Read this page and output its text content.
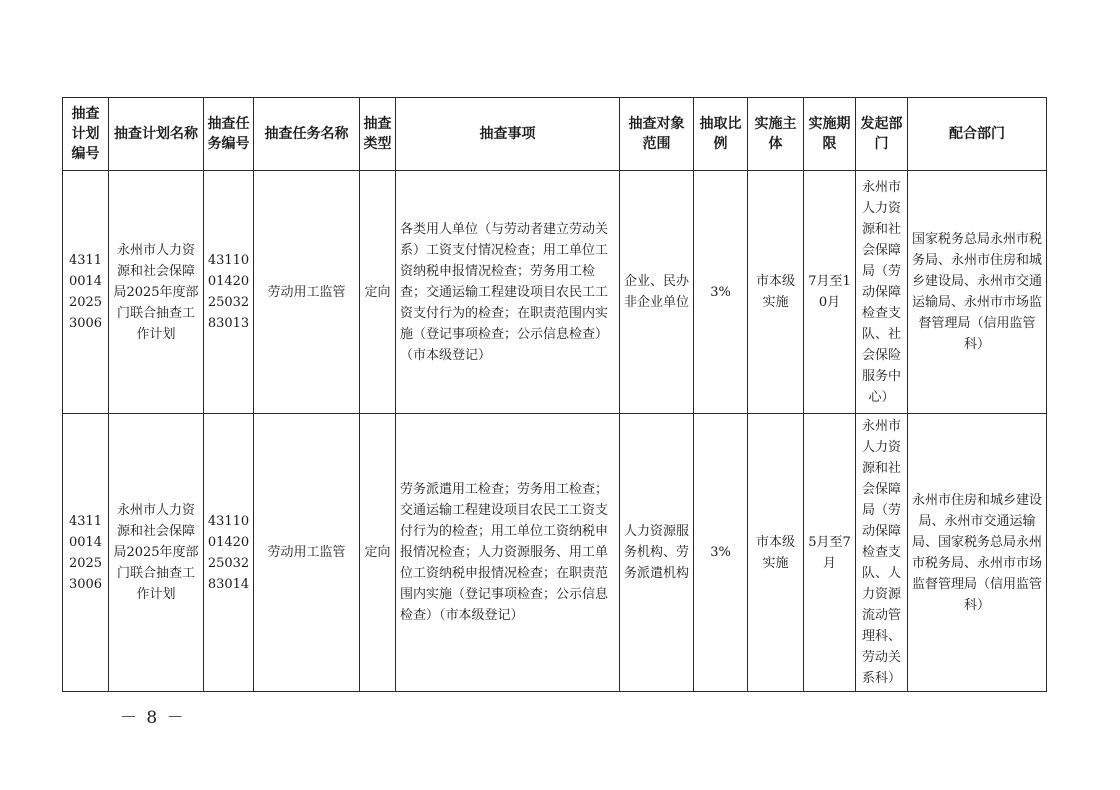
抽查计划编号	抽查计划名称	抽查任务编号	抽查任务名称	抽查类型	抽查事项	抽查对象范围	抽取比例	实施主体	实施期限	发起部门	配合部门
4311001420253006	永州市人力资源和社会保障局2025年度部门联合抽查工作计划	431100142025032 83013	劳动用工监管	定向	各类用人单位（与劳动者建立劳动关系）工资支付情况检查；用工单位工资纳税申报情况检查；劳务用工检查；交通运输工程建设项目农民工工资支付行为的检查；在职责范围内实施（登记事项检查；公示信息检查）（市本级登记）	企业、民办非企业单位	3%	市本级实施	7月至10月	永州市人力资源和社会保障局（劳动保障检查支队、社会保险服务中心）	国家税务总局永州市税务局、永州市住房和城乡建设局、永州市交通运输局、永州市市场监督管理局（信用监管科）
4311001420253006	永州市人力资源和社会保障局2025年度部门联合抽查工作计划	431100142025032 83014	劳动用工监管	定向	劳务派遣用工检查；劳务用工检查；交通运输工程建设项目农民工工资支付行为的检查；用工单位工资纳税申报情况检查；人力资源服务、用工单位工资纳税申报情况检查；在职责范围内实施（登记事项检查；公示信息检查）（市本级登记）	人力资源服务机构、劳务派遣机构	3%	市本级实施	5月至7月	永州市人力资源和社会保障局（劳动保障检查支队、人力资源流动管理科、劳动关系科）	永州市住房和城乡建设局、永州市交通运输局、国家税务总局永州市税务局、永州市市场监督管理局（信用监管科）
－ 8 －
